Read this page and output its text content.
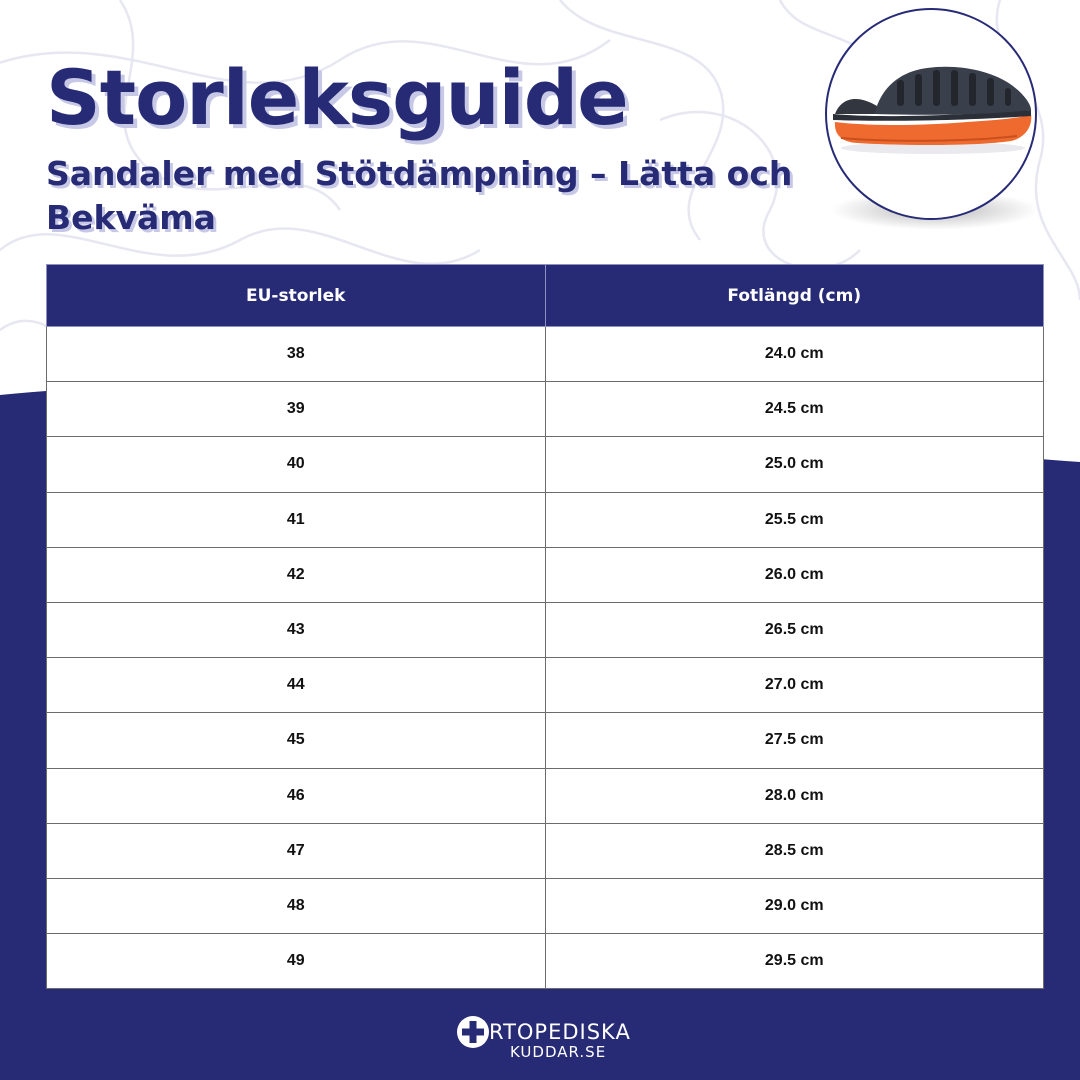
Storleksguide
Sandaler med Stötdämpning – Lätta och Bekväma
EU-storlek	Fotlängd (cm)
38	24.0 cm
39	24.5 cm
40	25.0 cm
41	25.5 cm
42	26.0 cm
43	26.5 cm
44	27.0 cm
45	27.5 cm
46	28.0 cm
47	28.5 cm
48	29.0 cm
49	29.5 cm
RTOPEDISKA
KUDDAR.SE
